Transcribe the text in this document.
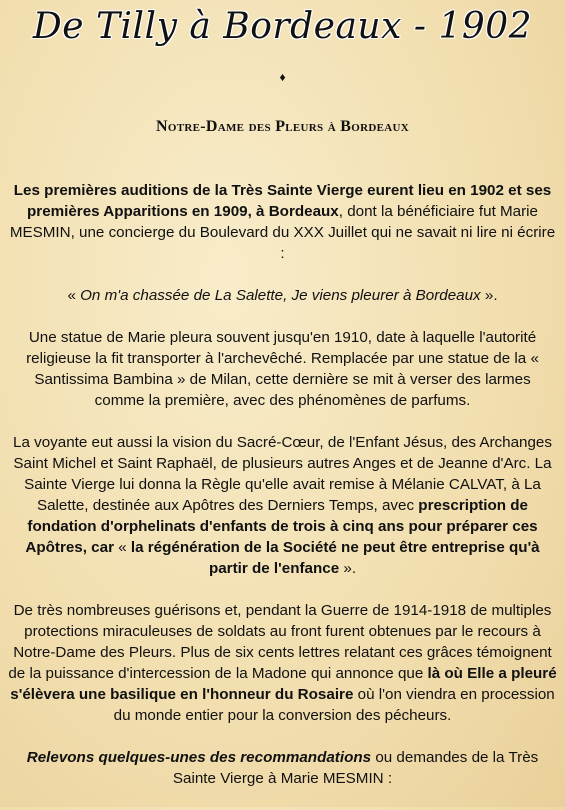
De Tilly à Bordeaux - 1902
♦
Notre-Dame des Pleurs à Bordeaux

Les premières auditions de la Très Sainte Vierge eurent lieu en 1902 et ses premières Apparitions en 1909, à Bordeaux, dont la bénéficiaire fut Marie MESMIN, une concierge du Boulevard du XXX Juillet qui ne savait ni lire ni écrire :

« On m'a chassée de La Salette, Je viens pleurer à Bordeaux ».

Une statue de Marie pleura souvent jusqu'en 1910, date à laquelle l'autorité religieuse la fit transporter à l'archevêché. Remplacée par une statue de la « Santissima Bambina » de Milan, cette dernière se mit à verser des larmes comme la première, avec des phénomènes de parfums.

La voyante eut aussi la vision du Sacré-Cœur, de l'Enfant Jésus, des Archanges Saint Michel et Saint Raphaël, de plusieurs autres Anges et de Jeanne d'Arc. La Sainte Vierge lui donna la Règle qu'elle avait remise à Mélanie CALVAT, à La Salette, destinée aux Apôtres des Derniers Temps, avec prescription de fondation d'orphelinats d'enfants de trois à cinq ans pour préparer ces Apôtres, car « la régénération de la Société ne peut être entreprise qu'à partir de l'enfance ».

De très nombreuses guérisons et, pendant la Guerre de 1914-1918 de multiples protections miraculeuses de soldats au front furent obtenues par le recours à Notre-Dame des Pleurs. Plus de six cents lettres relatant ces grâces témoignent de la puissance d'intercession de la Madone qui annonce que là où Elle a pleuré s'élèvera une basilique en l'honneur du Rosaire où l'on viendra en procession du monde entier pour la conversion des pécheurs.

Relevons quelques-unes des recommandations ou demandes de la Très Sainte Vierge à Marie MESMIN :
